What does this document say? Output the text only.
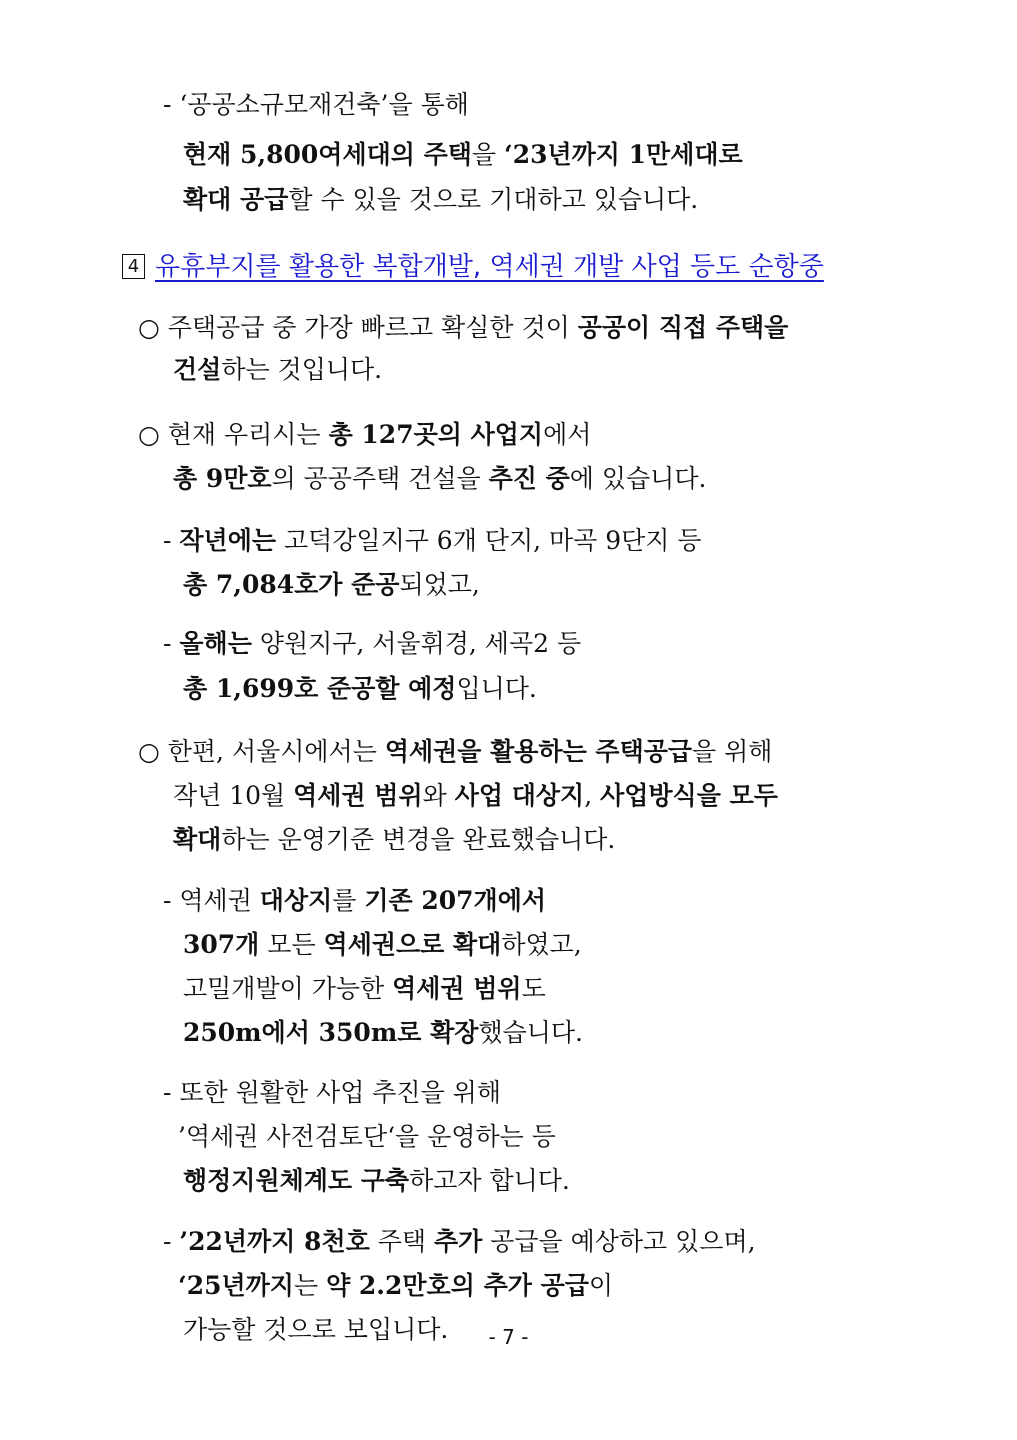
- ‘공공소규모재건축’을 통해
현재 5,800여세대의 주택을 ‘23년까지 1만세대로
확대 공급할 수 있을 것으로 기대하고 있습니다.
4 유휴부지를 활용한 복합개발, 역세권 개발 사업 등도 순항중
○ 주택공급 중 가장 빠르고 확실한 것이 공공이 직접 주택을
건설하는 것입니다.
○ 현재 우리시는 총 127곳의 사업지에서
총 9만호의 공공주택 건설을 추진 중에 있습니다.
- 작년에는 고덕강일지구 6개 단지, 마곡 9단지 등
총 7,084호가 준공되었고,
- 올해는 양원지구, 서울휘경, 세곡2 등
총 1,699호 준공할 예정입니다.
○ 한편, 서울시에서는 역세권을 활용하는 주택공급을 위해
작년 10월 역세권 범위와 사업 대상지, 사업방식을 모두
확대하는 운영기준 변경을 완료했습니다.
- 역세권 대상지를 기존 207개에서
307개 모든 역세권으로 확대하였고,
고밀개발이 가능한 역세권 범위도
250m에서 350m로 확장했습니다.
- 또한 원활한 사업 추진을 위해
’역세권 사전검토단‘을 운영하는 등
행정지원체계도 구축하고자 합니다.
- ’22년까지 8천호 주택 추가 공급을 예상하고 있으며,
‘25년까지는 약 2.2만호의 추가 공급이
가능할 것으로 보입니다.	- 7 -
